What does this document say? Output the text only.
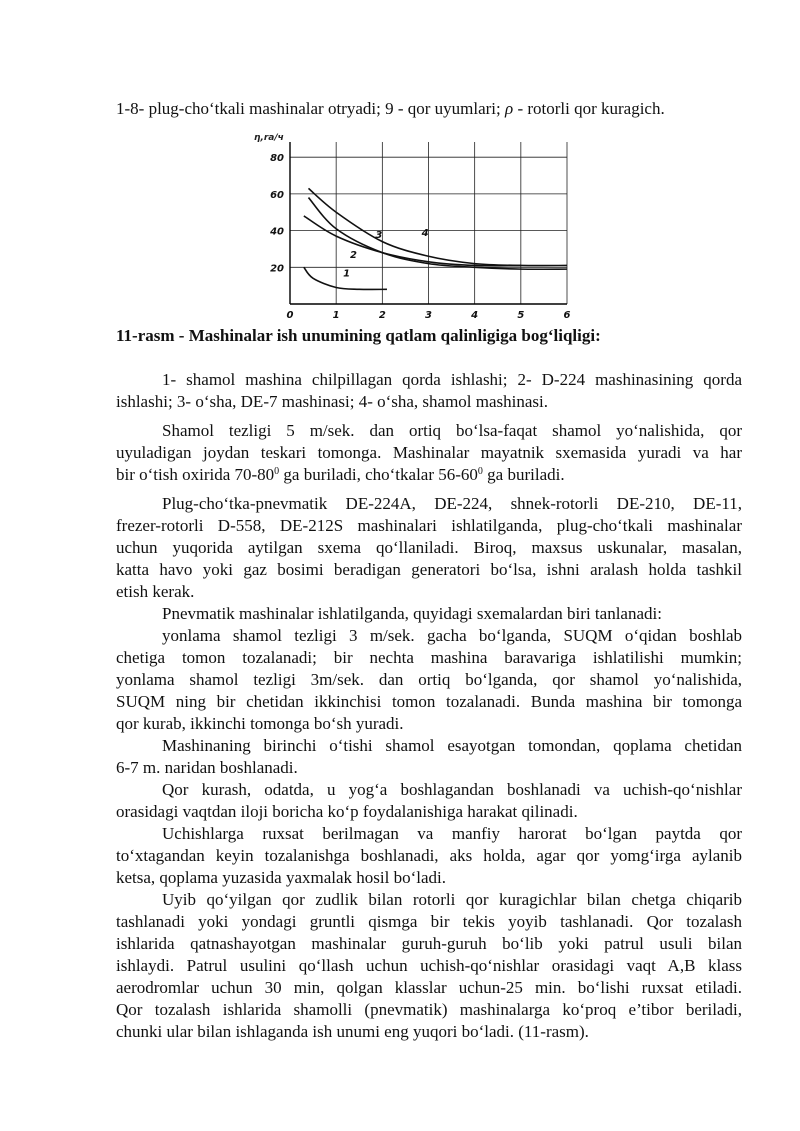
1-8- plug-cho‘tkali mashinalar otryadi; 9 - qor uyumlari; ρ - rotorli qor kuragich.
0	1	2	3	4	5	6
20
40
60
80
1
2
3	4
η,ra/ч
11-rasm - Mashinalar ish unumining qatlam qalinligiga bog‘liqligi:
1- shamol mashina chilpillagan qorda ishlashi; 2- D-224 mashinasining qorda
ishlashi; 3- o‘sha, DE-7 mashinasi; 4- o‘sha, shamol mashinasi.
Shamol tezligi 5 m/sek. dan ortiq bo‘lsa-faqat shamol yo‘nalishida, qor
uyuladigan joydan teskari tomonga. Mashinalar mayatnik sxemasida yuradi va har
bir o‘tish oxirida $70-80^0$ ga buriladi, cho‘tkalar $56-60^0$ ga buriladi.
Plug-cho‘tka-pnevmatik DE-224A, DE-224, shnek-rotorli DE-210, DE-11,
frezer-rotorli D-558, DE-212S mashinalari ishlatilganda, plug-cho‘tkali mashinalar
uchun yuqorida aytilgan sxema qo‘llaniladi. Biroq, maxsus uskunalar, masalan,
katta havo yoki gaz bosimi beradigan generatori bo‘lsa, ishni aralash holda tashkil
etish kerak.
Pnevmatik mashinalar ishlatilganda, quyidagi sxemalardan biri tanlanadi:
yonlama shamol tezligi 3 m/sek. gacha bo‘lganda, SUQM o‘qidan boshlab
chetiga tomon tozalanadi; bir nechta mashina baravariga ishlatilishi mumkin;
yonlama shamol tezligi 3m/sek. dan ortiq bo‘lganda, qor shamol yo‘nalishida,
SUQM ning bir chetidan ikkinchisi tomon tozalanadi. Bunda mashina bir tomonga
qor kurab, ikkinchi tomonga bo‘sh yuradi.
Mashinaning birinchi o‘tishi shamol esayotgan tomondan, qoplama chetidan
6-7 m. naridan boshlanadi.
Qor kurash, odatda, u yog‘a boshlagandan boshlanadi va uchish-qo‘nishlar
orasidagi vaqtdan iloji boricha ko‘p foydalanishiga harakat qilinadi.
Uchishlarga ruxsat berilmagan va manfiy harorat bo‘lgan paytda qor
to‘xtagandan keyin tozalanishga boshlanadi, aks holda, agar qor yomg‘irga aylanib
ketsa, qoplama yuzasida yaxmalak hosil bo‘ladi.
Uyib qo‘yilgan qor zudlik bilan rotorli qor kuragichlar bilan chetga chiqarib
tashlanadi yoki yondagi gruntli qismga bir tekis yoyib tashlanadi. Qor tozalash
ishlarida qatnashayotgan mashinalar guruh-guruh bo‘lib yoki patrul usuli bilan
ishlaydi. Patrul usulini qo‘llash uchun uchish-qo‘nishlar orasidagi vaqt A,B klass
aerodromlar uchun 30 min, qolgan klasslar uchun-25 min. bo‘lishi ruxsat etiladi.
Qor tozalash ishlarida shamolli (pnevmatik) mashinalarga ko‘proq e’tibor beriladi,
chunki ular bilan ishlaganda ish unumi eng yuqori bo‘ladi. (11-rasm).
